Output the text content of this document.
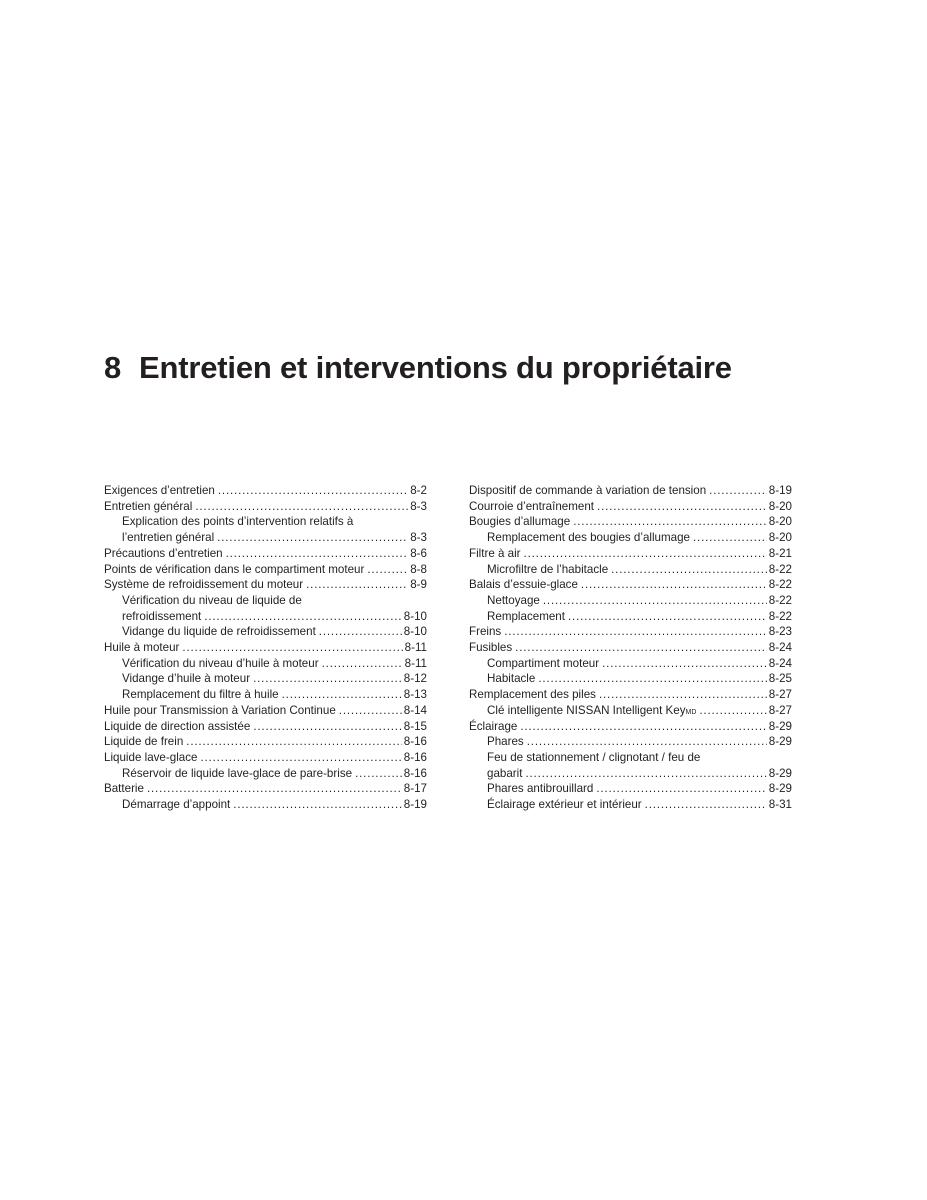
8 Entretien et interventions du propriétaire
Exigences d’entretien . . .	8-2
Entretien général . . .	8-3
Explication des points d’intervention relatifs à
l’entretien général . . .	8-3
Précautions d’entretien . . .	8-6
Points de vérification dans le compartiment moteur . . .	8-8
Système de refroidissement du moteur . . .	8-9
Vérification du niveau de liquide de
refroidissement . . .	8-10
Vidange du liquide de refroidissement . . .	8-10
Huile à moteur . . .	8-11
Vérification du niveau d’huile à moteur . . .	8-11
Vidange d’huile à moteur . . .	8-12
Remplacement du filtre à huile . . .	8-13
Huile pour Transmission à Variation Continue . . .	8-14
Liquide de direction assistée . . .	8-15
Liquide de frein . . .	8-16
Liquide lave-glace . . .	8-16
Réservoir de liquide lave-glace de pare-brise . . .	8-16
Batterie . . .	8-17
Démarrage d’appoint . . .	8-19
Dispositif de commande à variation de tension . . .	8-19
Courroie d’entraînement . . .	8-20
Bougies d’allumage . . .	8-20
Remplacement des bougies d’allumage . . .	8-20
Filtre à air . . .	8-21
Microfiltre de l’habitacle . . .	8-22
Balais d’essuie-glace . . .	8-22
Nettoyage . . .	8-22
Remplacement . . .	8-22
Freins . . .	8-23
Fusibles . . .	8-24
Compartiment moteur . . .	8-24
Habitacle . . .	8-25
Remplacement des piles . . .	8-27
Clé intelligente NISSAN Intelligent Key MD . . .	8-27
Éclairage . . .	8-29
Phares . . .	8-29
Feu de stationnement / clignotant / feu de
gabarit . . .	8-29
Phares antibrouillard . . .	8-29
Éclairage extérieur et intérieur . . .	8-31
